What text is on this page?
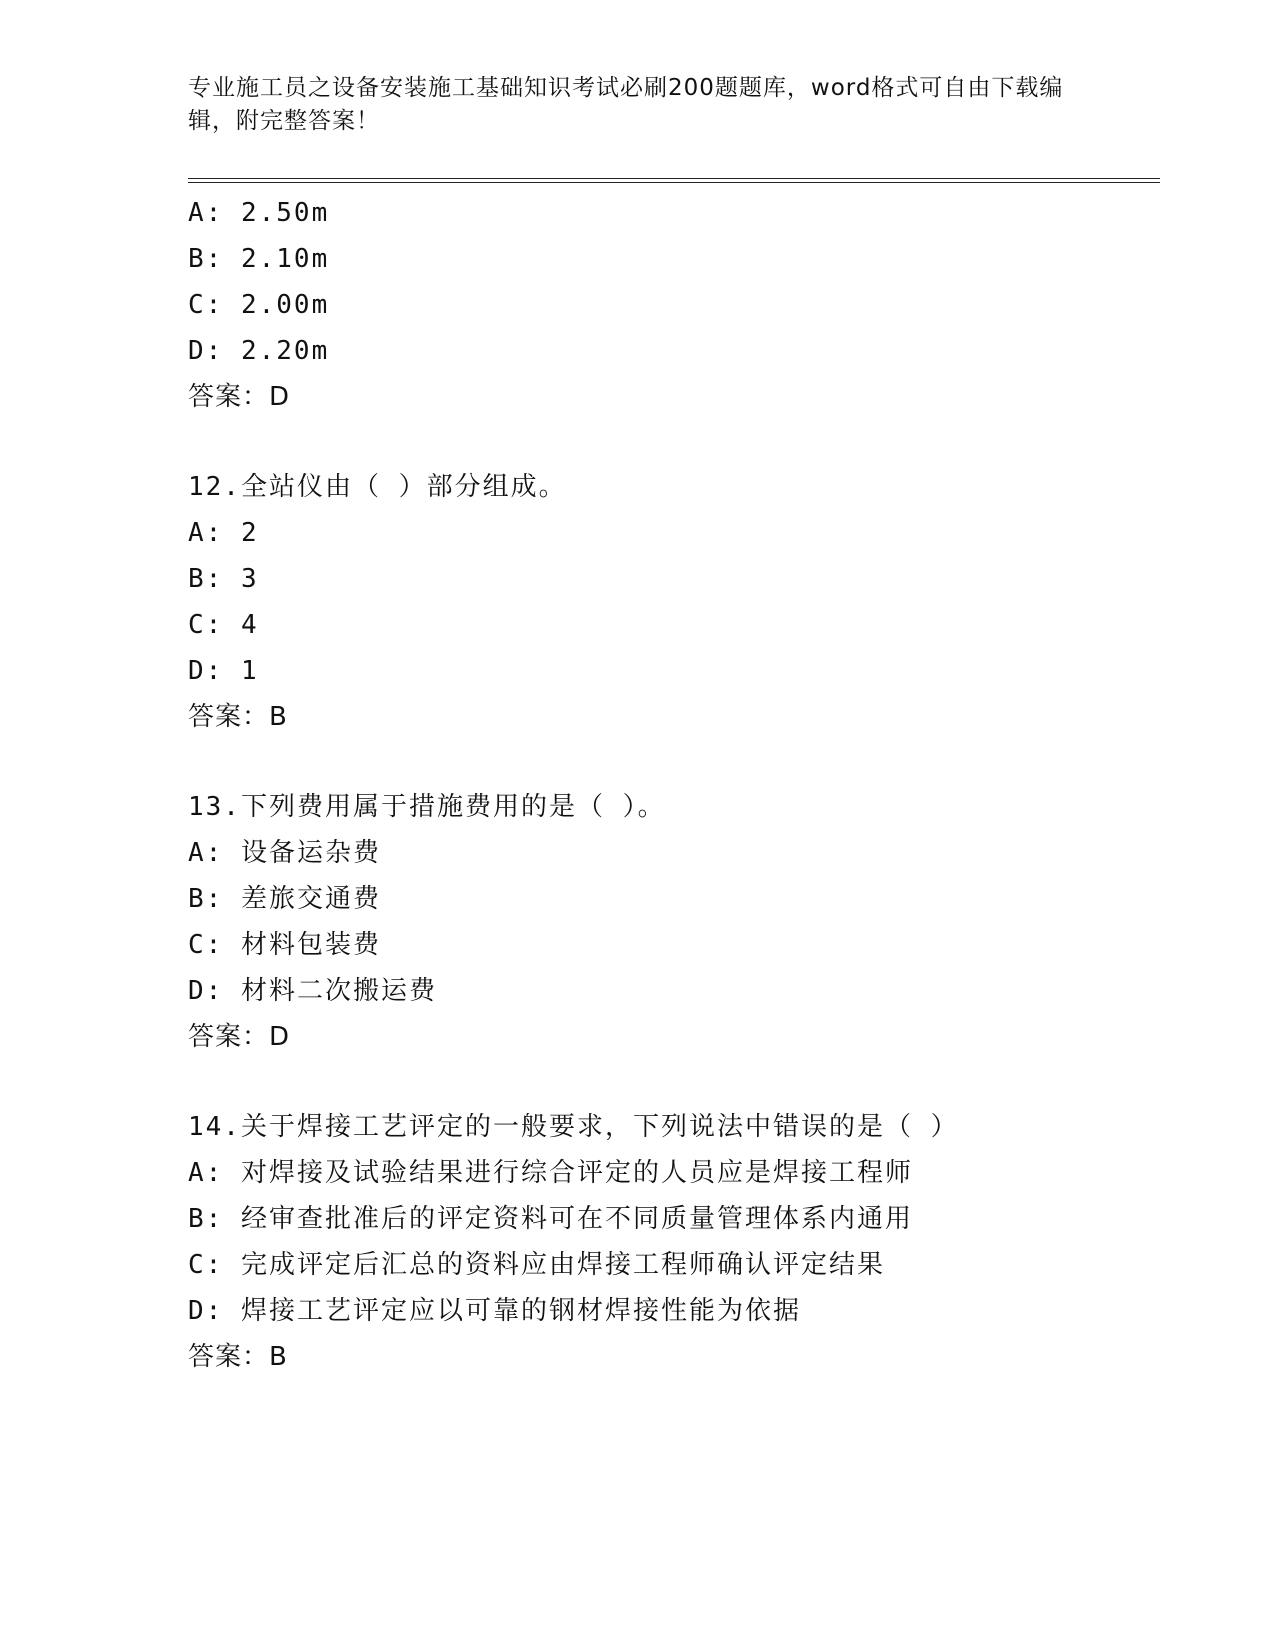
专业施工员之设备安装施工基础知识考试必刷200题题库，word格式可自由下载编辑，附完整答案！
A: 2.50m
B: 2.10m
C: 2.00m
D: 2.20m
答案：D
12.全站仪由（ ）部分组成。
A: 2
B: 3
C: 4
D: 1
答案：B
13.下列费用属于措施费用的是（ ）。
A: 设备运杂费
B: 差旅交通费
C: 材料包装费
D: 材料二次搬运费
答案：D
14.关于焊接工艺评定的一般要求，下列说法中错误的是（ ）
A: 对焊接及试验结果进行综合评定的人员应是焊接工程师
B: 经审查批准后的评定资料可在不同质量管理体系内通用
C: 完成评定后汇总的资料应由焊接工程师确认评定结果
D: 焊接工艺评定应以可靠的钢材焊接性能为依据
答案：B
